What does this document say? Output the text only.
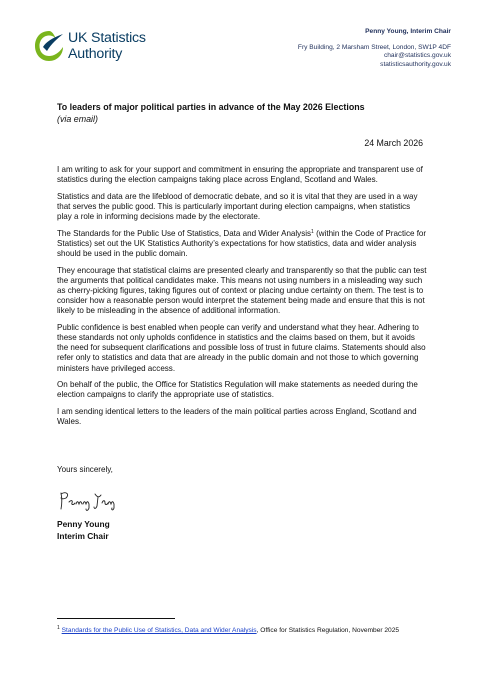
UK Statistics
Authority
Penny Young, Interim Chair
Fry Building, 2 Marsham Street, London, SW1P 4DF
chair@statistics.gov.uk
statisticsauthority.gov.uk
To leaders of major political parties in advance of the May 2026 Elections
(via email)
24 March 2026

I am writing to ask for your support and commitment in ensuring the appropriate and transparent use of statistics during the election campaigns taking place across England, Scotland and Wales.

Statistics and data are the lifeblood of democratic debate, and so it is vital that they are used in a way that serves the public good. This is particularly important during election campaigns, when statistics play a role in informing decisions made by the electorate.

The Standards for the Public Use of Statistics, Data and Wider Analysis$^1$ (within the Code of Practice for Statistics) set out the UK Statistics Authority’s expectations for how statistics, data and wider analysis should be used in the public domain.

They encourage that statistical claims are presented clearly and transparently so that the public can test the arguments that political candidates make. This means not using numbers in a misleading way such as cherry-picking figures, taking figures out of context or placing undue certainty on them. The test is to consider how a reasonable person would interpret the statement being made and ensure that this is not likely to be misleading in the absence of additional information.

Public confidence is best enabled when people can verify and understand what they hear. Adhering to these standards not only upholds confidence in statistics and the claims based on them, but it avoids the need for subsequent clarifications and possible loss of trust in future claims. Statements should also refer only to statistics and data that are already in the public domain and not those to which governing ministers have privileged access.

On behalf of the public, the Office for Statistics Regulation will make statements as needed during the election campaigns to clarify the appropriate use of statistics.

I am sending identical letters to the leaders of the main political parties across England, Scotland and Wales.

Yours sincerely,
Penny Young
Interim Chair
$^1$ Standards for the Public Use of Statistics, Data and Wider Analysis, Office for Statistics Regulation, November 2025
